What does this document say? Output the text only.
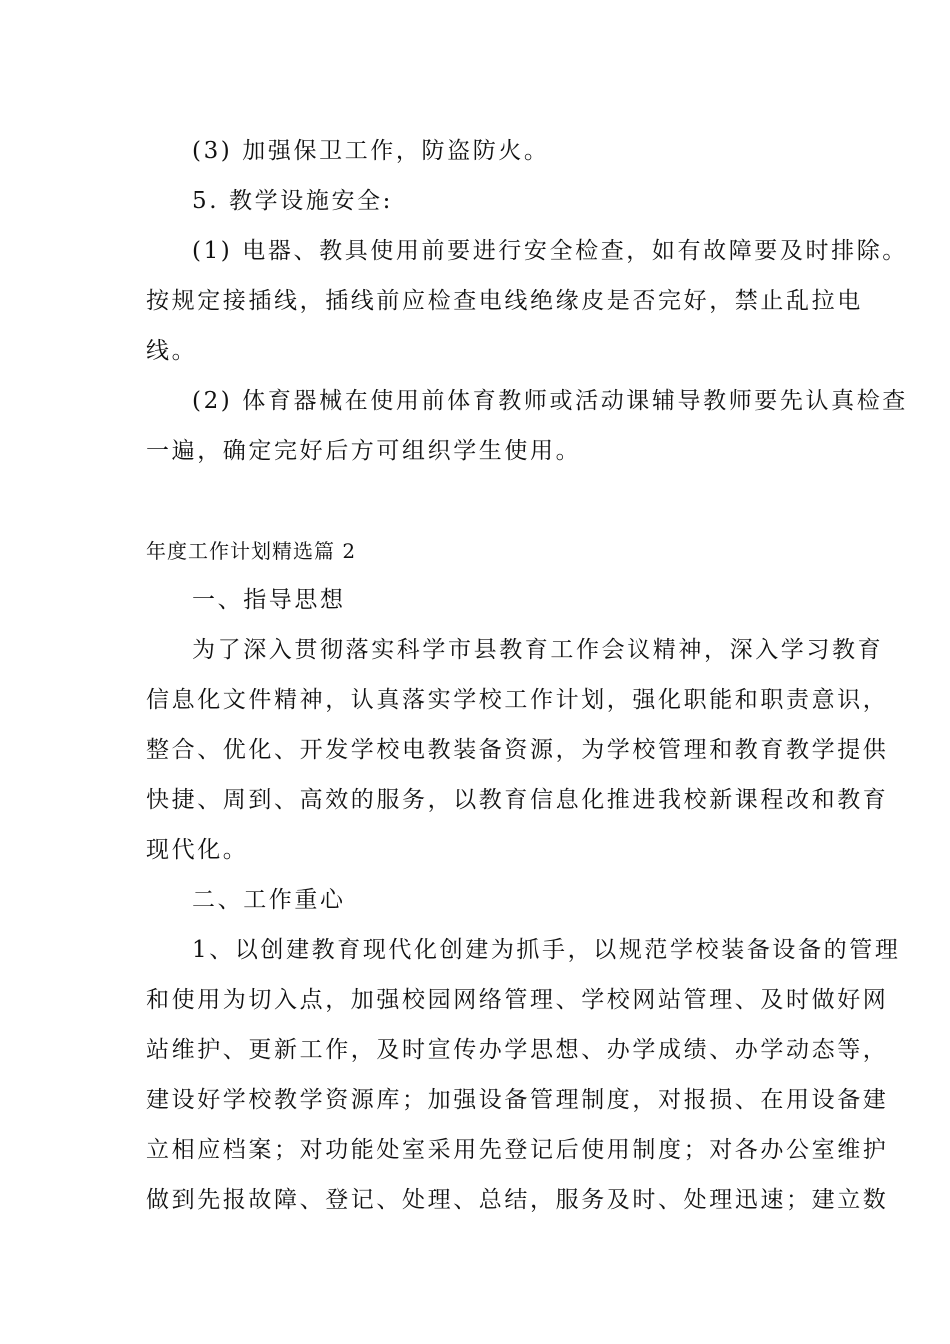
(3) 加强保卫工作，防盗防火。
5. 教学设施安全:
(1) 电器、教具使用前要进行安全检查，如有故障要及时排除。
按规定接插线，插线前应检查电线绝缘皮是否完好，禁止乱拉电
线。
(2) 体育器械在使用前体育教师或活动课辅导教师要先认真检查
一遍，确定完好后方可组织学生使用。
年度工作计划精选篇 2
一、指导思想
为了深入贯彻落实科学市县教育工作会议精神，深入学习教育
信息化文件精神，认真落实学校工作计划，强化职能和职责意识，
整合、优化、开发学校电教装备资源，为学校管理和教育教学提供
快捷、周到、高效的服务，以教育信息化推进我校新课程改和教育
现代化。
二、工作重心
1、以创建教育现代化创建为抓手，以规范学校装备设备的管理
和使用为切入点，加强校园网络管理、学校网站管理、及时做好网
站维护、更新工作，及时宣传办学思想、办学成绩、办学动态等，
建设好学校教学资源库；加强设备管理制度，对报损、在用设备建
立相应档案；对功能处室采用先登记后使用制度；对各办公室维护
做到先报故障、登记、处理、总结，服务及时、处理迅速；建立数
